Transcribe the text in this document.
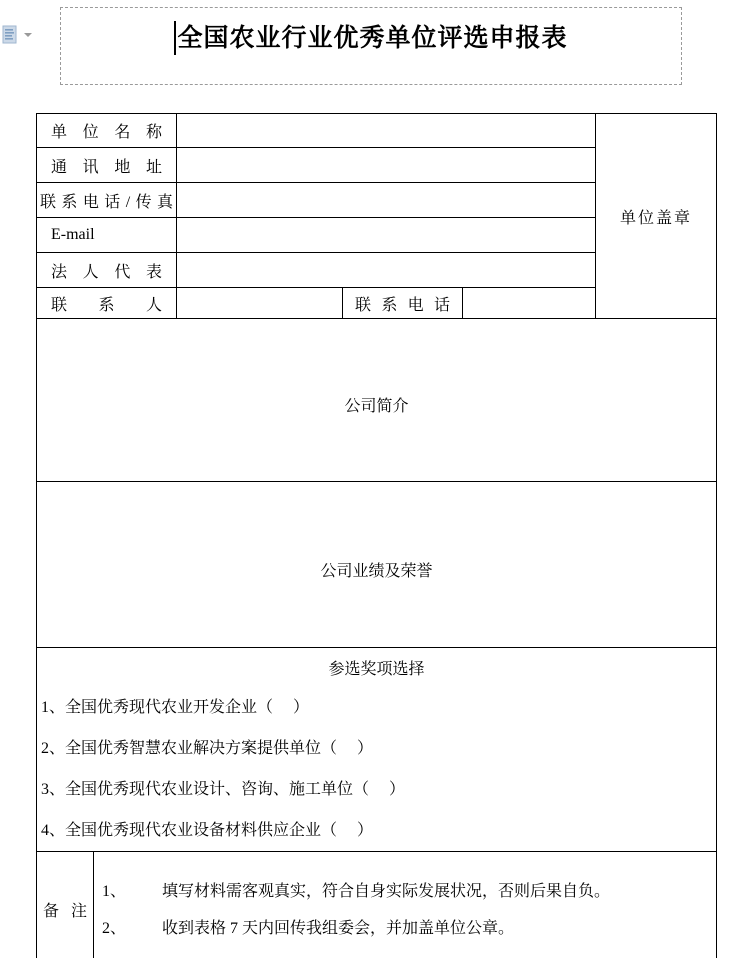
全国农业行业优秀单位评选申报表
单位名称					单位盖章

通讯地址					

联系电话/传真					

E-mail					

法人代表					

联系人			联系电话		

公司简介					

公司业绩及荣誉					

参选奖项选择
1、全国优秀现代农业开发企业（     ）
2、全国优秀智慧农业解决方案提供单位（     ）
3、全国优秀现代农业设计、咨询、施工单位（     ）
4、全国优秀现代农业设备材料供应企业（     ）					

备注	1、 填写材料需客观真实，符合自身实际发展状况，否则后果自负。
2、 收到表格 7 天内回传我组委会，并加盖单位公章。				
